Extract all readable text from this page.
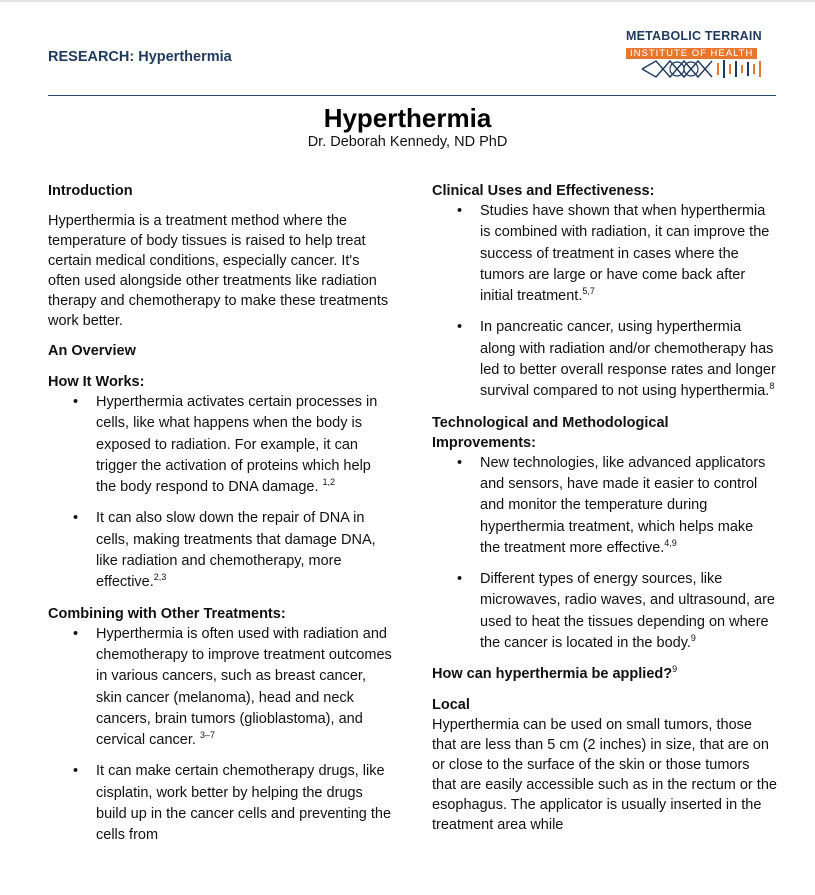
RESEARCH: Hyperthermia
METABOLIC TERRAIN
INSTITUTE OF HEALTH
Hyperthermia
Dr. Deborah Kennedy, ND PhD

Introduction

Hyperthermia is a treatment method where the temperature of body tissues is raised to help treat certain medical conditions, especially cancer. It's often used alongside other treatments like radiation therapy and chemotherapy to make these treatments work better.

An Overview

How It Works:

• Hyperthermia activates certain processes in cells, like what happens when the body is exposed to radiation. For example, it can trigger the activation of proteins which help the body respond to DNA damage. $^{1,2}$
• It can also slow down the repair of DNA in cells, making treatments that damage DNA, like radiation and chemotherapy, more effective.$^{2,3}$

Combining with Other Treatments:

• Hyperthermia is often used with radiation and chemotherapy to improve treatment outcomes in various cancers, such as breast cancer, skin cancer (melanoma), head and neck cancers, brain tumors (glioblastoma), and cervical cancer. $^{3-7}$
• It can make certain chemotherapy drugs, like cisplatin, work better by helping the drugs build up in the cancer cells and preventing the cells from

Clinical Uses and Effectiveness:

• Studies have shown that when hyperthermia is combined with radiation, it can improve the success of treatment in cases where the tumors are large or have come back after initial treatment.$^{5,7}$
• In pancreatic cancer, using hyperthermia along with radiation and/or chemotherapy has led to better overall response rates and longer survival compared to not using hyperthermia.$^8$

Technological and Methodological Improvements:

• New technologies, like advanced applicators and sensors, have made it easier to control and monitor the temperature during hyperthermia treatment, which helps make the treatment more effective.$^{4,9}$
• Different types of energy sources, like microwaves, radio waves, and ultrasound, are used to heat the tissues depending on where the cancer is located in the body.$^9$

How can hyperthermia be applied?$^9$

Local

Hyperthermia can be used on small tumors, those that are less than 5 cm (2 inches) in size, that are on or close to the surface of the skin or those tumors that are easily accessible such as in the rectum or the esophagus. The applicator is usually inserted in the treatment area while
